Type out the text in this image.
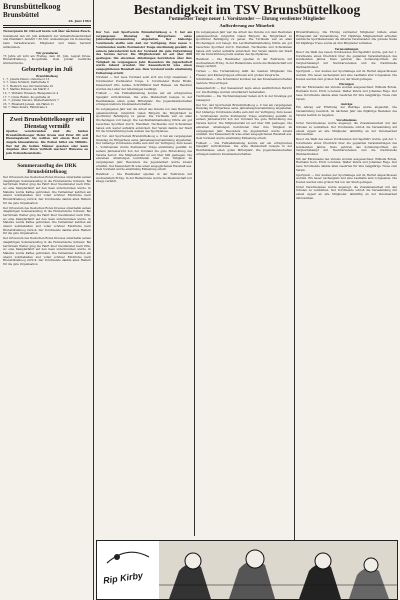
Brunsbüttelkoog
Brunsbüttel
26. Juni 1963

Tierarzpraxis Dr. Ohl seit heute voll über nächsten Zweck.

Sonnabend den 29. Juni anlässlich der Verkehrsfreundlichkeit und Pfalzfahrt. Abfahrt 7.30 Uhr. Anmeldungen bis Donnerstag beim Verkehrsverein. Mitglieder und Gäste herzlich willkommen.

Wir gratulieren

75 Jahre alt wird am Freitag, dem 28. Juni, August Kruse, Brunsbüttelkoog, Koogstraße. Dem Jubilar herzliche Glückwünsche.

Geburtstage im Juli
Brunsbüttelkoog
1. 7. Johann Peters, Ostermoor 15
3. 7. Anna Schmidt, Delftstraße 8
5. 7. Heinrich Lau, Kirchenstraße 22
8. 7. Martha Rohwer, Am Markt 3
12. 7. Wilhelm Thiessen, Blangenmoor 4
17. 7. Grete Ramm, Koogstraße 41
21. 7. Johann Sievers, Westerbelmhorn 7
25. 7. Elisabeth Jensen, Am Hafen 11
30. 7. Hans Peters, Fährstraße 2
Zwei Brunsbüttelkooger seit Dienstag vermißt

Spurlos verschwunden sind die beiden Brunsbüttelkooger Heinz Kraus und Peter Ott seit Dienstagabend. Sie wollten mit einem Boot zum Angeln hinausfahren. Die Polizei bittet um Mithilfe. Wer hat die beiden Männer gesehen oder kann Angaben über ihren Verbleib machen? Hinweise an jede Polizeidienststelle.

Sommerausflug des DRK Brunsbüttelkoog

Der Ortsverein des Deutschen Roten Kreuzes unternahm seinen diesjährigen Sommerausflug in die Holsteinische Schweiz. Bei herrlichem Wetter ging die Fahrt über Neumünster nach Plön, wo eine Dampferfahrt auf den Seen unternommen wurde. In Malente wurde Kaffee getrunken. Die Teilnehmer kehrten am Abend wohlbehalten und voller schöner Eindrücke nach Brunsbüttelkoog zurück. Der Vorsitzende dankte allen Helfern für die gute Organisation.

Der Ortsverein des Deutschen Roten Kreuzes unternahm seinen diesjährigen Sommerausflug in die Holsteinische Schweiz. Bei herrlichem Wetter ging die Fahrt über Neumünster nach Plön, wo eine Dampferfahrt auf den Seen unternommen wurde. In Malente wurde Kaffee getrunken. Die Teilnehmer kehrten am Abend wohlbehalten und voller schöner Eindrücke nach Brunsbüttelkoog zurück. Der Vorsitzende dankte allen Helfern für die gute Organisation.

Der Ortsverein des Deutschen Roten Kreuzes unternahm seinen diesjährigen Sommerausflug in die Holsteinische Schweiz. Bei herrlichem Wetter ging die Fahrt über Neumünster nach Plön, wo eine Dampferfahrt auf den Seen unternommen wurde. In Malente wurde Kaffee getrunken. Die Teilnehmer kehrten am Abend wohlbehalten und voller schöner Eindrücke nach Brunsbüttelkoog zurück. Der Vorsitzende dankte allen Helfern für die gute Organisation.

Bestandigkeit im TSV Brunsbüttelkoog
Postmeister Tonge neuer 1. Vorsitzender — Ehrung verdienter Mitglieder
Aufforderung zur Mitarbeit

Der Vor- und Sportverein Brunsbüttelkoog e. V. hat am vergangenen Dienstag im Bürgerhaus seine Jahreshauptversammlung abgehalten. Der bisherige Vorsitzende stellte sein Amt zur Verfügung. Zum neuen 1. Vorsitzenden wurde Postmeister Tonge einstimmig gewählt. In seinem Jahresbericht hob der Vorstand die gute Entwicklung des Vereins hervor. Die Mitgliederzahl ist auf über 600 gestiegen. Die einzelnen Abteilungen berichteten über ihre Tätigkeit im vergangenen Jahr. Besonders die Jugendarbeit wurde lobend erwähnt. Der Kassenbericht wies einen ausgeglichenen Haushalt aus. Dem Vorstand wurde einstimmig Entlastung erteilt.

Vorstand — Der neue Vorstand setzt sich wie folgt zusammen: 1. Vorsitzender Postmeister Tonge, 2. Vorsitzender Heinz Bruhn, Kassenwart Otto Lemke, Schriftführer Karl Hansen. Als Beisitzer wurden die Leiter der Abteilungen bestätigt.

Fußball — Die Fußballabteilung konnte auf ein erfolgreiches Spieljahr zurückblicken. Die erste Mannschaft belegte in der Bezirksklasse einen guten Mittelplatz. Die Jugendmannschaften errangen mehrere Kreismeisterschaften.

Im vergangenen Jahr war die Arbeit des Vereins von dem Bestreben gekennzeichnet, möglichst vielen Bürgern die Möglichkeit zu sportlicher Betätigung zu geben. Die Turnhalle war an allen Wochentagen voll belegt. Die Leichtathletikabteilung führte ein gut besuchtes Sportfest durch. Handball, Tischtennis und Schwimmen haben sich weiter aufwärts entwickelt. Der Verein dankte der Stadt für die Unterstützung beim Ausbau des Sportplatzes.

Der Vor- und Sportverein Brunsbüttelkoog e. V. hat am vergangenen Dienstag im Bürgerhaus seine Jahreshauptversammlung abgehalten. Der bisherige Vorsitzende stellte sein Amt zur Verfügung. Zum neuen 1. Vorsitzenden wurde Postmeister Tonge einstimmig gewählt. In seinem Jahresbericht hob der Vorstand die gute Entwicklung des Vereins hervor. Die Mitgliederzahl ist auf über 600 gestiegen. Die einzelnen Abteilungen berichteten über ihre Tätigkeit im vergangenen Jahr. Besonders die Jugendarbeit wurde lobend erwähnt. Der Kassenbericht wies einen ausgeglichenen Haushalt aus. Dem Vorstand wurde einstimmig Entlastung erteilt.

Handball — Die Handballer spielten in der Feldrunde mit wechselndem Erfolg. In der Hallenrunde wurde die Meisterschaft nur knapp verfehlt.

Im vergangenen Jahr war die Arbeit des Vereins von dem Bestreben gekennzeichnet, möglichst vielen Bürgern die Möglichkeit zu sportlicher Betätigung zu geben. Die Turnhalle war an allen Wochentagen voll belegt. Die Leichtathletikabteilung führte ein gut besuchtes Sportfest durch. Handball, Tischtennis und Schwimmen haben sich weiter aufwärts entwickelt. Der Verein dankte der Stadt für die Unterstützung beim Ausbau des Sportplatzes.

Handball — Die Handballer spielten in der Feldrunde mit wechselndem Erfolg. In der Hallenrunde wurde die Meisterschaft nur knapp verfehlt.

Turnen — Die Turnabteilung zählt die meisten Mitglieder. Die Frauen- und Kindergruppen erfreuen sich großen Zuspruchs.

Schwimmen — Die Schwimmer konnten bei den Kreismeisterschaften mehrere Titel erringen.

Kassenbericht — Der Kassenwart legte einen ausführlichen Bericht vor. Die Beiträge wurden unverändert beibehalten.

Tischtennis — Die Tischtennisspieler haben sich in der Kreisliga gut behauptet.

Der Vor- und Sportverein Brunsbüttelkoog e. V. hat am vergangenen Dienstag im Bürgerhaus seine Jahreshauptversammlung abgehalten. Der bisherige Vorsitzende stellte sein Amt zur Verfügung. Zum neuen 1. Vorsitzenden wurde Postmeister Tonge einstimmig gewählt. In seinem Jahresbericht hob der Vorstand die gute Entwicklung des Vereins hervor. Die Mitgliederzahl ist auf über 600 gestiegen. Die einzelnen Abteilungen berichteten über ihre Tätigkeit im vergangenen Jahr. Besonders die Jugendarbeit wurde lobend erwähnt. Der Kassenbericht wies einen ausgeglichenen Haushalt aus. Dem Vorstand wurde einstimmig Entlastung erteilt.

Fußball — Die Fußballabteilung konnte auf ein erfolgreiches Spieljahr zurückblicken. Die erste Mannschaft belegte in der Bezirksklasse einen guten Mittelplatz. Die Jugendmannschaften errangen mehrere Kreismeisterschaften.

Brunsbüttelkoog. Die Ehrung verdienter Mitglieder bildete einen Höhepunkt der Versammlung. Für 25jährige Mitgliedschaft erhielten zahlreiche Sportkameraden die silberne Vereinsnadel. Die goldene Nadel für 40jährige Treue wurde an drei Mitglieder verliehen.

Veranstaltungen

Bevor die Wahl des neuen Vorsitzenden durchgeführt wurde, gab der 1. Vorsitzende einen Überblick über die geplanten Veranstaltungen des kommenden Jahres. Dazu gehören das Sommersportfest, ein Vergleichskampf mit Nachbarvereinen und die traditionelle Weihnachtsfeier.

Sportplatz — Der Ausbau der Sportanlage soll im Herbst abgeschlossen werden. Ein neuer Aschenplatz und eine Laufbahn sind vorgesehen. Die Kosten werden zum großen Teil von der Stadt getragen.

Ehrungen

Mit der Ehrennadel des Vereins wurden ausgezeichnet: Wilhelm Rohde, Hermann Kock, Erich Lorenzen, Walter Peters und Johannes Ruge. Der neue Vorsitzende dankte allen Geehrten für ihre langjährige Treue zum Verein.

Anträge

Ein Antrag auf Erhöhung der Beiträge wurde abgelehnt. Die Versammlung beschloß, im nächsten Jahr das 60jährige Bestehen des Vereins festlich zu begehen.

Verschiedenes

Unter Verschiedenes wurde angeregt, die Zusammenarbeit mit den Schulen zu verstärken. Der Vorsitzende schloß die Versammlung mit einem Appell an alle Mitglieder, tatkräftig an der Vereinsarbeit mitzuwirken.

Bevor die Wahl des neuen Vorsitzenden durchgeführt wurde, gab der 1. Vorsitzende einen Überblick über die geplanten Veranstaltungen des kommenden Jahres. Dazu gehören das Sommersportfest, ein Vergleichskampf mit Nachbarvereinen und die traditionelle Weihnachtsfeier.

Mit der Ehrennadel des Vereins wurden ausgezeichnet: Wilhelm Rohde, Hermann Kock, Erich Lorenzen, Walter Peters und Johannes Ruge. Der neue Vorsitzende dankte allen Geehrten für ihre langjährige Treue zum Verein.

Sportplatz — Der Ausbau der Sportanlage soll im Herbst abgeschlossen werden. Ein neuer Aschenplatz und eine Laufbahn sind vorgesehen. Die Kosten werden zum großen Teil von der Stadt getragen.

Unter Verschiedenes wurde angeregt, die Zusammenarbeit mit den Schulen zu verstärken. Der Vorsitzende schloß die Versammlung mit einem Appell an alle Mitglieder, tatkräftig an der Vereinsarbeit mitzuwirken.

Rip Kirby
